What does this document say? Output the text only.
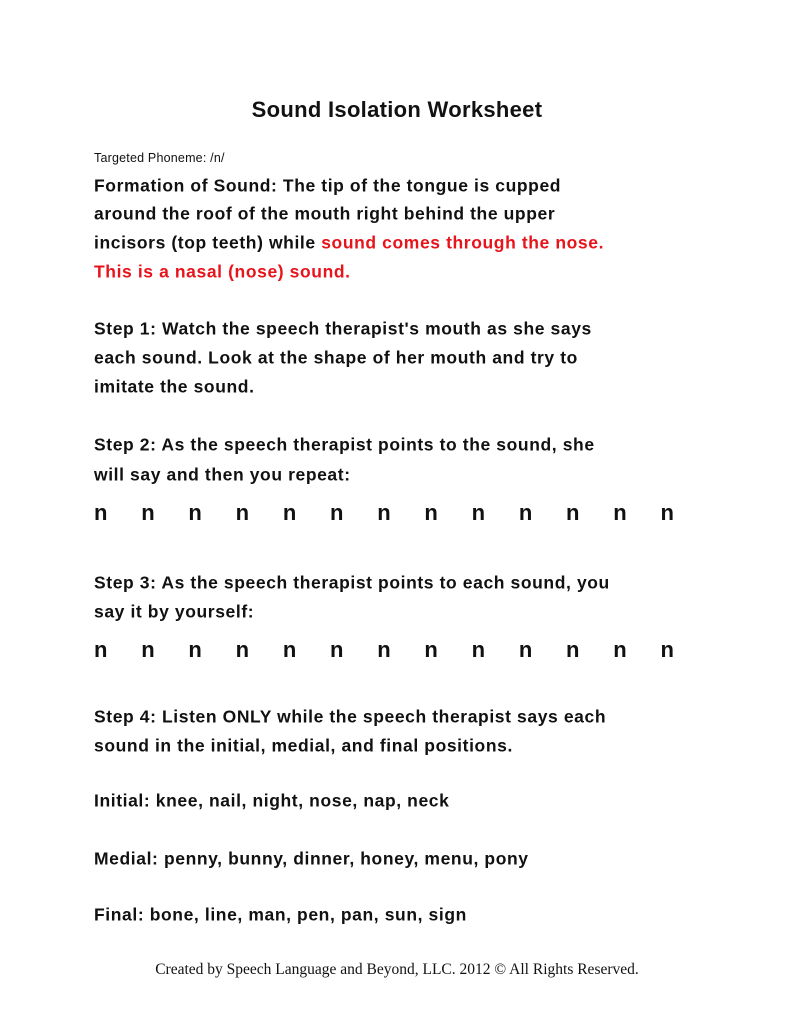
Sound Isolation Worksheet
Targeted Phoneme: /n/
Formation of Sound: The tip of the tongue is cupped
around the roof of the mouth right behind the upper
incisors (top teeth) while sound comes through the nose.
This is a nasal (nose) sound.
Step 1: Watch the speech therapist's mouth as she says
each sound. Look at the shape of her mouth and try to
imitate the sound.
Step 2: As the speech therapist points to the sound, she
will say and then you repeat:
n n n n n n n n n n n n n
Step 3: As the speech therapist points to each sound, you
say it by yourself:
n n n n n n n n n n n n n
Step 4: Listen ONLY while the speech therapist says each
sound in the initial, medial, and final positions.
Initial: knee, nail, night, nose, nap, neck
Medial: penny, bunny, dinner, honey, menu, pony
Final: bone, line, man, pen, pan, sun, sign
Created by Speech Language and Beyond, LLC. 2012 © All Rights Reserved.
